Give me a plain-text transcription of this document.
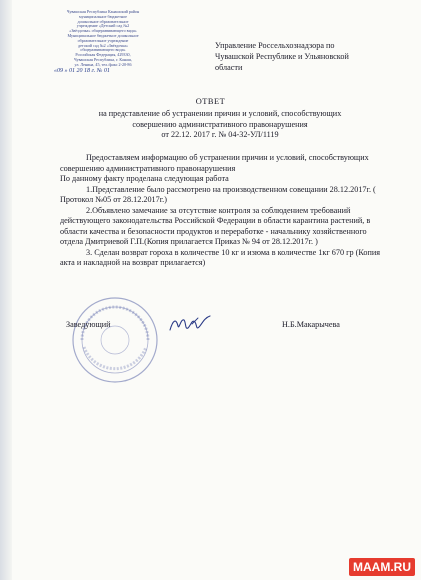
Чувашская Республика Канашский район
муниципальное бюджетное
дошкольное образовательное
учреждение «Детский сад №2
«Звёздочка» общеразвивающего вида»
Муниципальное бюджетное дошкольное
образовательное учреждение
детский сад №2 «Звёздочка»
общеразвивающего вида»
Российская Федерация, 429330,
Чувашская Республика, г. Канаш,
ул. Ленина, 45, тел./факс 2-20-86
«09 » 01 20 18 г. № 01
Управление Россельхознадзора по
Чувашской Республике и Ульяновской
области
ОТВЕТ
на представление об устранении причин и условий, способствующих
совершению административного правонарушения
от 22.12. 2017 г. № 04-32-УЛ/1119

Предоставляем информацию об устранении причин и условий, способствующих совершению административного правонарушения

По данному факту проделана следующая работа

1.Представление было рассмотрено на производственном совещании 28.12.2017г. ( Протокол №05 от 28.12.2017г.)

2.Объявлено замечание за отсутствие контроля за соблюдением требований действующего законодательства Российской Федерации в области карантина растений, в области качества и безопасности продуктов и переработке - начальнику хозяйственного отдела Дмитриевой Г.П.(Копия прилагается Приказ № 94 от 28.12.2017г. )

3. Сделан возврат гороха в количестве 10 кг и изюма в количестве 1кг 670 гр (Копия акта и накладной на возврат прилагается)

Заведующий	Н.Б.Макарычева
MAAM.RU
